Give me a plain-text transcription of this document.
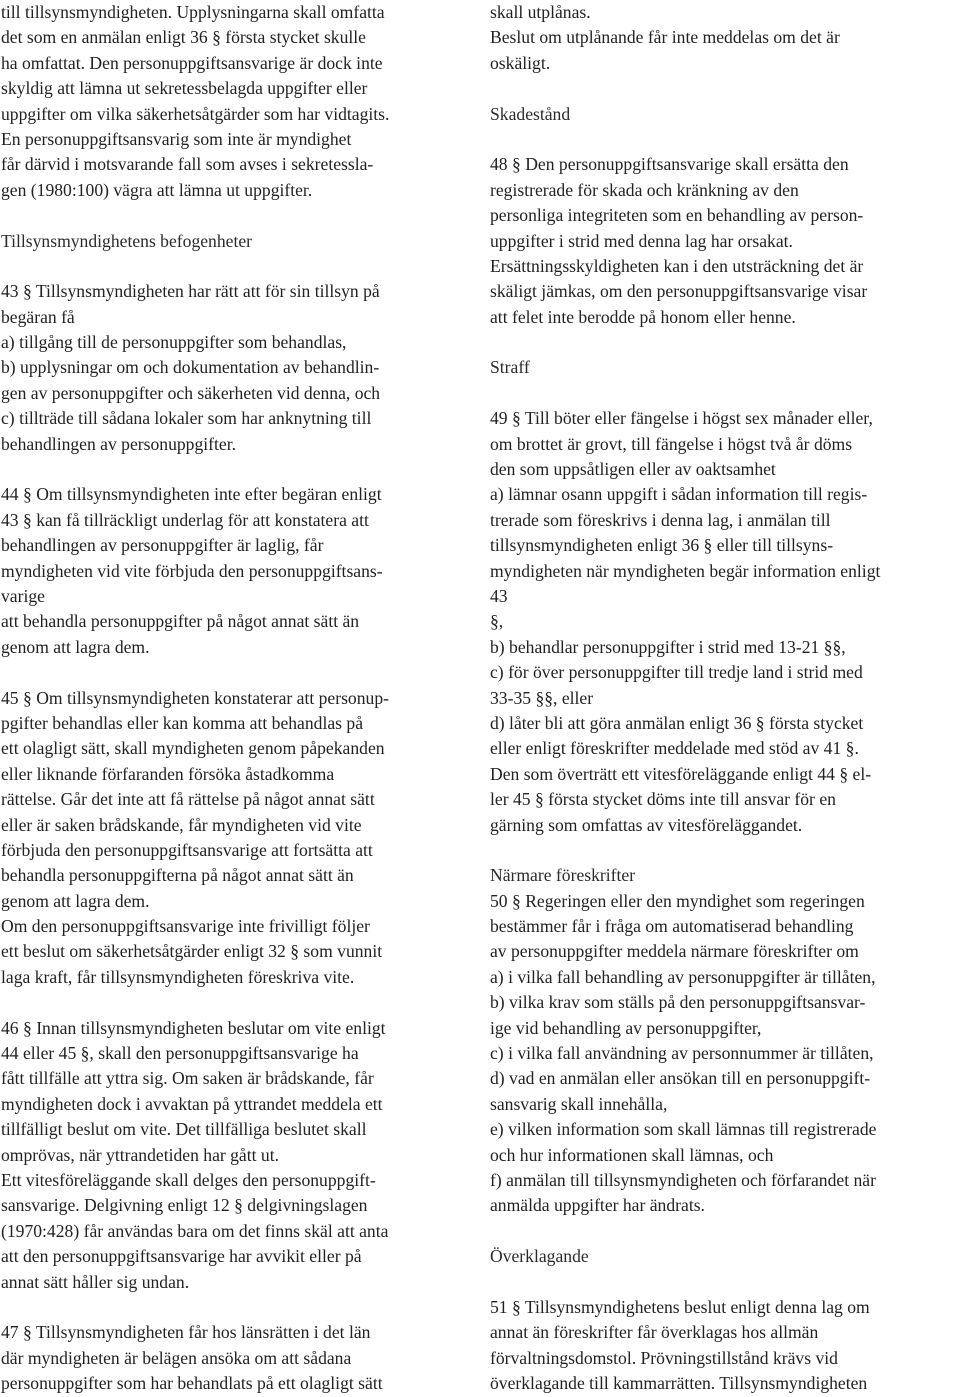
till tillsynsmyndigheten. Upplysningarna skall omfatta
det som en anmälan enligt 36 § första stycket skulle
ha omfattat. Den personuppgiftsansvarige är dock inte
skyldig att lämna ut sekretessbelagda uppgifter eller
uppgifter om vilka säkerhetsåtgärder som har vidtagits.
En personuppgiftsansvarig som inte är myndighet
får därvid i motsvarande fall som avses i sekretessla-
gen (1980:100) vägra att lämna ut uppgifter.
Tillsynsmyndighetens befogenheter
43 § Tillsynsmyndigheten har rätt att för sin tillsyn på
begäran få
a) tillgång till de personuppgifter som behandlas,
b) upplysningar om och dokumentation av behandlin-
gen av personuppgifter och säkerheten vid denna, och
c) tillträde till sådana lokaler som har anknytning till
behandlingen av personuppgifter.
44 § Om tillsynsmyndigheten inte efter begäran enligt
43 § kan få tillräckligt underlag för att konstatera att
behandlingen av personuppgifter är laglig, får
myndigheten vid vite förbjuda den personuppgiftsans-
varige
att behandla personuppgifter på något annat sätt än
genom att lagra dem.
45 § Om tillsynsmyndigheten konstaterar att personup-
pgifter behandlas eller kan komma att behandlas på
ett olagligt sätt, skall myndigheten genom påpekanden
eller liknande förfaranden försöka åstadkomma
rättelse. Går det inte att få rättelse på något annat sätt
eller är saken brådskande, får myndigheten vid vite
förbjuda den personuppgiftsansvarige att fortsätta att
behandla personuppgifterna på något annat sätt än
genom att lagra dem.
Om den personuppgiftsansvarige inte frivilligt följer
ett beslut om säkerhetsåtgärder enligt 32 § som vunnit
laga kraft, får tillsynsmyndigheten föreskriva vite.
46 § Innan tillsynsmyndigheten beslutar om vite enligt
44 eller 45 §, skall den personuppgiftsansvarige ha
fått tillfälle att yttra sig. Om saken är brådskande, får
myndigheten dock i avvaktan på yttrandet meddela ett
tillfälligt beslut om vite. Det tillfälliga beslutet skall
omprövas, när yttrandetiden har gått ut.
Ett vitesföreläggande skall delges den personuppgift-
sansvarige. Delgivning enligt 12 § delgivningslagen
(1970:428) får användas bara om det finns skäl att anta
att den personuppgiftsansvarige har avvikit eller på
annat sätt håller sig undan.
47 § Tillsynsmyndigheten får hos länsrätten i det län
där myndigheten är belägen ansöka om att sådana
personuppgifter som har behandlats på ett olagligt sätt
skall utplånas.
Beslut om utplånande får inte meddelas om det är
oskäligt.
Skadestånd
48 § Den personuppgiftsansvarige skall ersätta den
registrerade för skada och kränkning av den
personliga integriteten som en behandling av person-
uppgifter i strid med denna lag har orsakat.
Ersättningsskyldigheten kan i den utsträckning det är
skäligt jämkas, om den personuppgiftsansvarige visar
att felet inte berodde på honom eller henne.
Straff
49 § Till böter eller fängelse i högst sex månader eller,
om brottet är grovt, till fängelse i högst två år döms
den som uppsåtligen eller av oaktsamhet
a) lämnar osann uppgift i sådan information till regis-
trerade som föreskrivs i denna lag, i anmälan till
tillsynsmyndigheten enligt 36 § eller till tillsyns-
myndigheten när myndigheten begär information enligt
43
§,
b) behandlar personuppgifter i strid med 13-21 §§,
c) för över personuppgifter till tredje land i strid med
33-35 §§, eller
d) låter bli att göra anmälan enligt 36 § första stycket
eller enligt föreskrifter meddelade med stöd av 41 §.
Den som överträtt ett vitesföreläggande enligt 44 § el-
ler 45 § första stycket döms inte till ansvar för en
gärning som omfattas av vitesföreläggandet.
Närmare föreskrifter
50 § Regeringen eller den myndighet som regeringen
bestämmer får i fråga om automatiserad behandling
av personuppgifter meddela närmare föreskrifter om
a) i vilka fall behandling av personuppgifter är tillåten,
b) vilka krav som ställs på den personuppgiftsansvar-
ige vid behandling av personuppgifter,
c) i vilka fall användning av personnummer är tillåten,
d) vad en anmälan eller ansökan till en personuppgift-
sansvarig skall innehålla,
e) vilken information som skall lämnas till registrerade
och hur informationen skall lämnas, och
f) anmälan till tillsynsmyndigheten och förfarandet när
anmälda uppgifter har ändrats.
Överklagande
51 § Tillsynsmyndighetens beslut enligt denna lag om
annat än föreskrifter får överklagas hos allmän
förvaltningsdomstol. Prövningstillstånd krävs vid
överklagande till kammarrätten. Tillsynsmyndigheten
